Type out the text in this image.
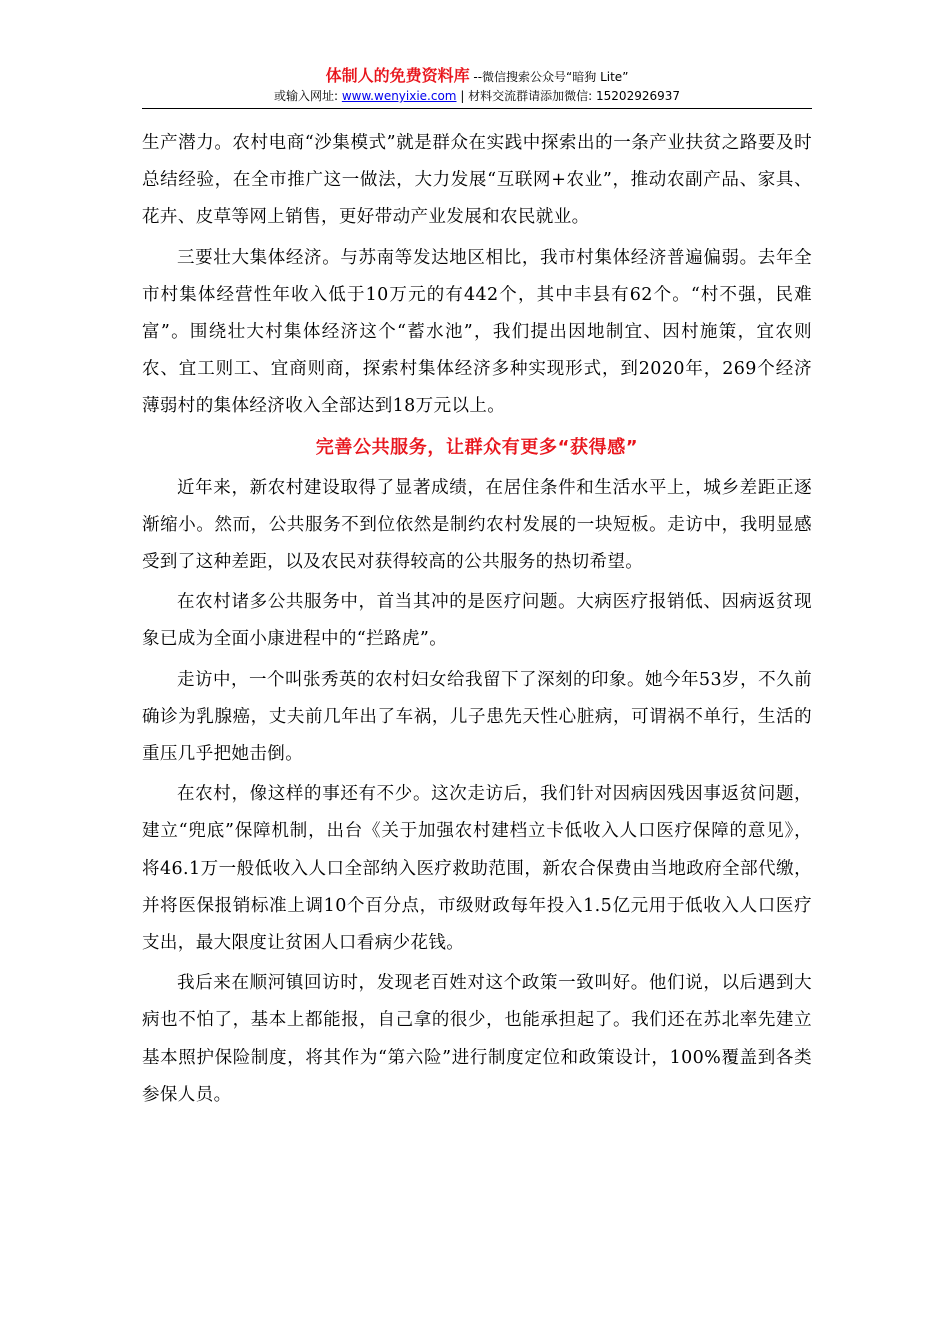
体制人的免费资料库 --微信搜索公众号“暗狗 Lite”
或输入网址: www.wenyixie.com | 材料交流群请添加微信: 15202926937

生产潜力。农村电商“沙集模式”就是群众在实践中探索出的一条产业扶贫之路要及时总结经验，在全市推广这一做法，大力发展“互联网+农业”，推动农副产品、家具、花卉、皮草等网上销售，更好带动产业发展和农民就业。

三要壮大集体经济。与苏南等发达地区相比，我市村集体经济普遍偏弱。去年全市村集体经营性年收入低于10万元的有442个，其中丰县有62个。“村不强，民难富”。围绕壮大村集体经济这个“蓄水池”，我们提出因地制宜、因村施策，宜农则农、宜工则工、宜商则商，探索村集体经济多种实现形式，到2020年，269个经济薄弱村的集体经济收入全部达到18万元以上。

完善公共服务，让群众有更多“获得感”

近年来，新农村建设取得了显著成绩，在居住条件和生活水平上，城乡差距正逐渐缩小。然而，公共服务不到位依然是制约农村发展的一块短板。走访中，我明显感受到了这种差距，以及农民对获得较高的公共服务的热切希望。

在农村诸多公共服务中，首当其冲的是医疗问题。大病医疗报销低、因病返贫现象已成为全面小康进程中的“拦路虎”。

走访中，一个叫张秀英的农村妇女给我留下了深刻的印象。她今年53岁，不久前确诊为乳腺癌，丈夫前几年出了车祸，儿子患先天性心脏病，可谓祸不单行，生活的重压几乎把她击倒。

在农村，像这样的事还有不少。这次走访后，我们针对因病因残因事返贫问题，建立“兜底”保障机制，出台《关于加强农村建档立卡低收入人口医疗保障的意见》，将46.1万一般低收入人口全部纳入医疗救助范围，新农合保费由当地政府全部代缴，并将医保报销标准上调10个百分点，市级财政每年投入1.5亿元用于低收入人口医疗支出，最大限度让贫困人口看病少花钱。

我后来在顺河镇回访时，发现老百姓对这个政策一致叫好。他们说，以后遇到大病也不怕了，基本上都能报，自己拿的很少，也能承担起了。我们还在苏北率先建立基本照护保险制度，将其作为“第六险”进行制度定位和政策设计，100%覆盖到各类参保人员。
